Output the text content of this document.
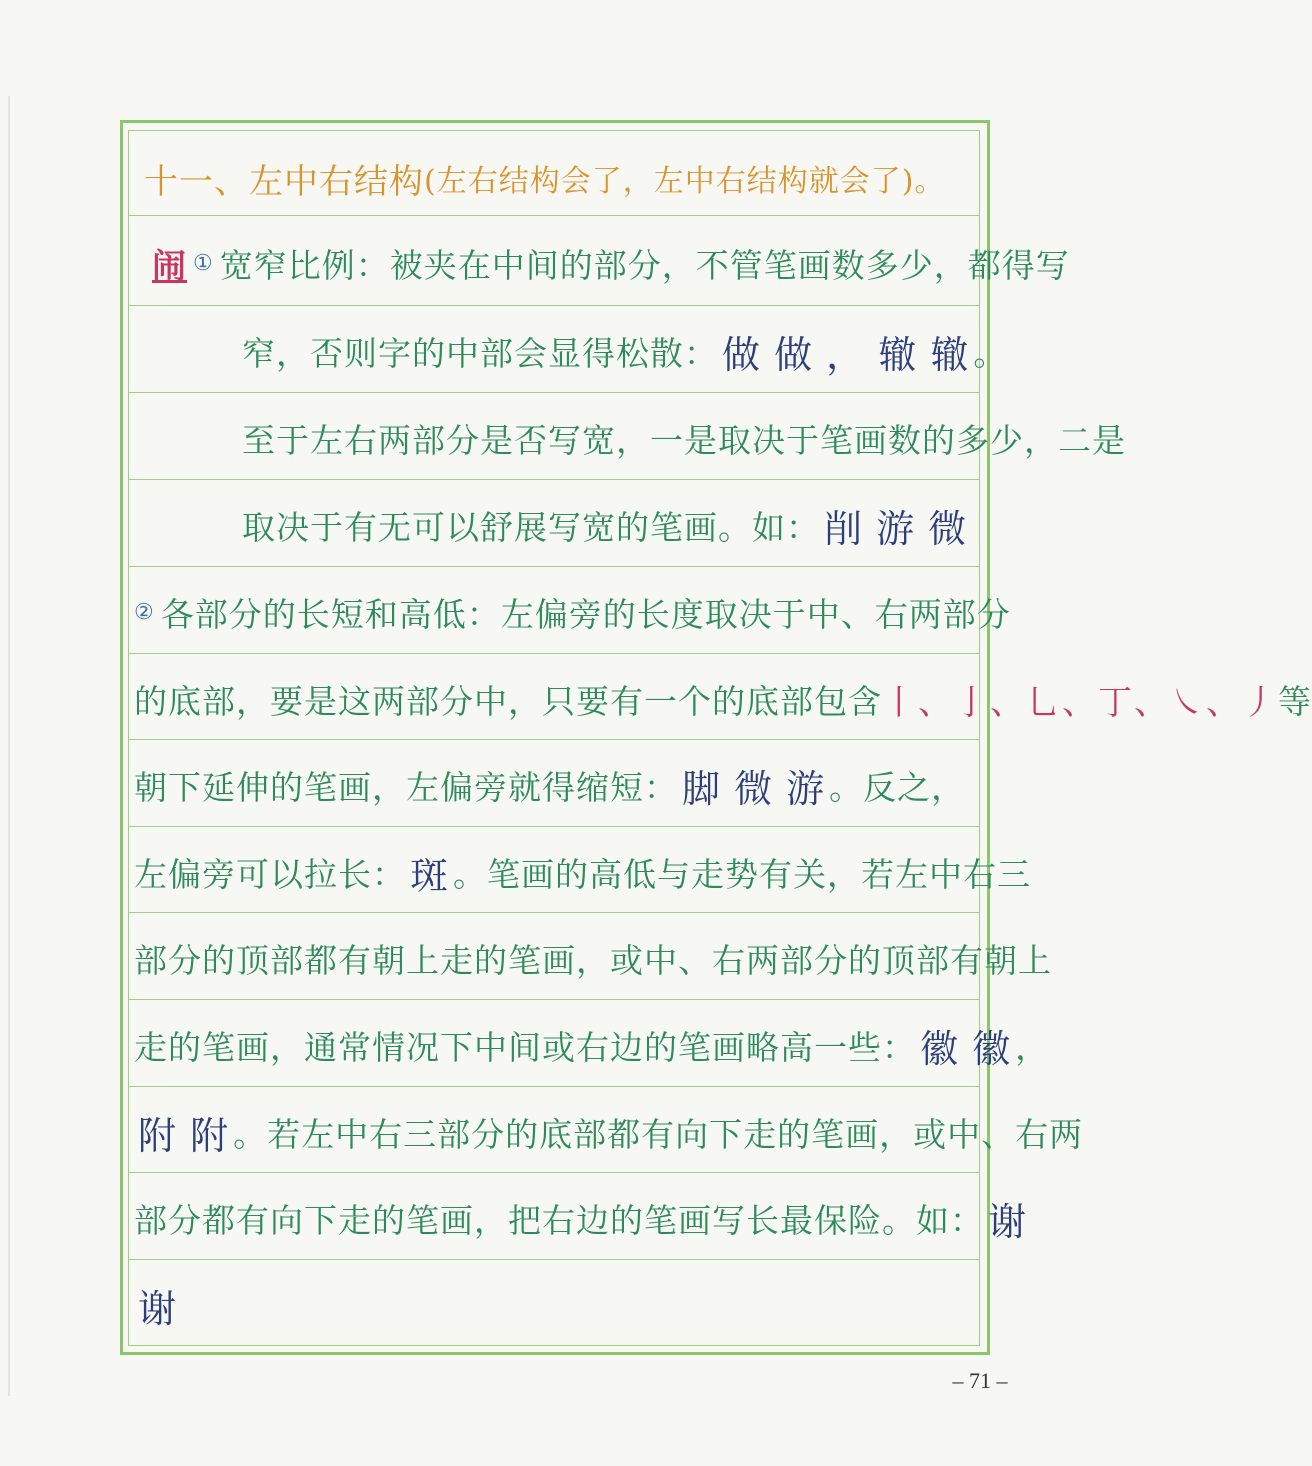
十一、左中右结构 (左右结构会了，左中右结构就会了)。
闹 ① 宽窄比例：被夹在中间的部分，不管笔画数多少，都得写
窄，否则字的中部会显得松散： 做 做 ， 辙 辙 。
至于左右两部分是否写宽，一是取决于笔画数的多少，二是
取决于有无可以舒展写宽的笔画。如： 削 游 微
② 各部分的长短和高低：左偏旁的长度取决于中、右两部分
的底部，要是这两部分中，只要有一个的底部包含 丨、亅、乚、丁、㇏、丿 等
朝下延伸的笔画，左偏旁就得缩短： 脚 微 游 。反之，
左偏旁可以拉长： 斑 。笔画的高低与走势有关，若左中右三
部分的顶部都有朝上走的笔画，或中、右两部分的顶部有朝上
走的笔画，通常情况下中间或右边的笔画略高一些： 徽 徽 ，
附 附 。若左中右三部分的底部都有向下走的笔画，或中、右两
部分都有向下走的笔画，把右边的笔画写长最保险。如： 谢
谢
– 71 –
